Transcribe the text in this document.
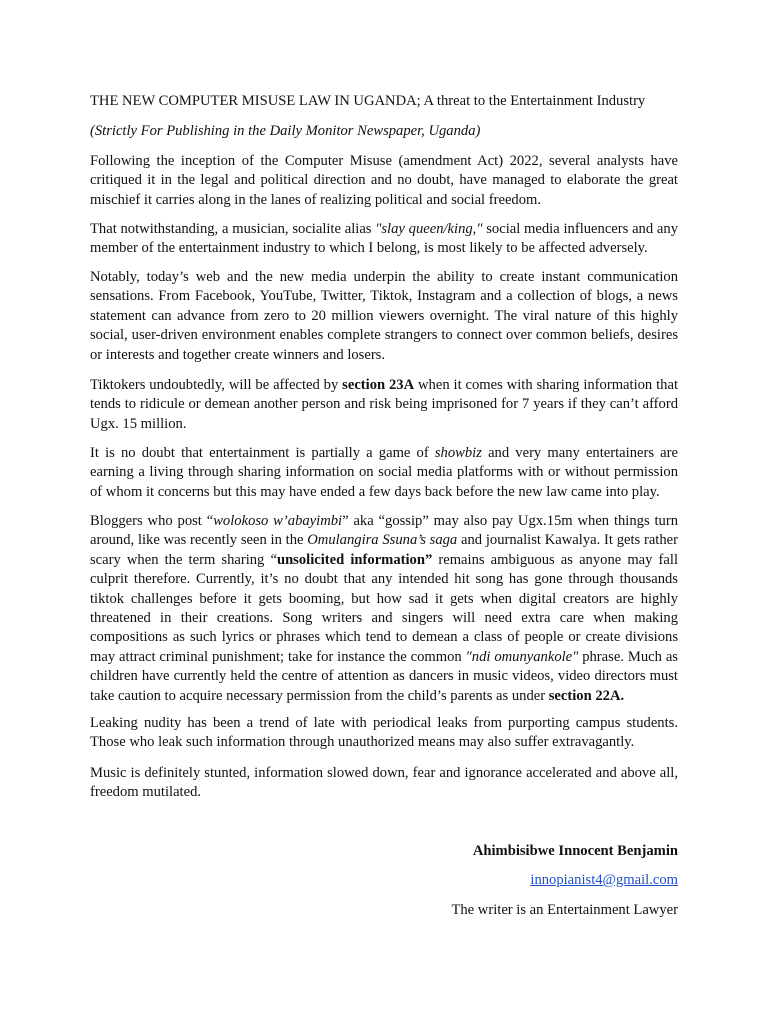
THE NEW COMPUTER MISUSE LAW IN UGANDA; A threat to the Entertainment Industry
(Strictly For Publishing in the Daily Monitor Newspaper, Uganda)

Following the inception of the Computer Misuse (amendment Act) 2022, several analysts have critiqued it in the legal and political direction and no doubt, have managed to elaborate the great mischief it carries along in the lanes of realizing political and social freedom.

That notwithstanding, a musician, socialite alias "slay queen/king," social media influencers and any member of the entertainment industry to which I belong, is most likely to be affected adversely.

Notably, today’s web and the new media underpin the ability to create instant communication sensations. From Facebook, YouTube, Twitter, Tiktok, Instagram and a collection of blogs, a news statement can advance from zero to 20 million viewers overnight. The viral nature of this highly social, user-driven environment enables complete strangers to connect over common beliefs, desires or interests and together create winners and losers.

Tiktokers undoubtedly, will be affected by section 23A when it comes with sharing information that tends to ridicule or demean another person and risk being imprisoned for 7 years if they can’t afford Ugx. 15 million.

It is no doubt that entertainment is partially a game of showbiz and very many entertainers are earning a living through sharing information on social media platforms with or without permission of whom it concerns but this may have ended a few days back before the new law came into play.

Bloggers who post “wolokoso w’abayimbi” aka “gossip” may also pay Ugx.15m when things turn around, like was recently seen in the Omulangira Ssuna’s saga and journalist Kawalya. It gets rather scary when the term sharing “unsolicited information” remains ambiguous as anyone may fall culprit therefore. Currently, it’s no doubt that any intended hit song has gone through thousands tiktok challenges before it gets booming, but how sad it gets when digital creators are highly threatened in their creations. Song writers and singers will need extra care when making compositions as such lyrics or phrases which tend to demean a class of people or create divisions may attract criminal punishment; take for instance the common "ndi omunyankole" phrase. Much as children have currently held the centre of attention as dancers in music videos, video directors must take caution to acquire necessary permission from the child’s parents as under section 22A.

Leaking nudity has been a trend of late with periodical leaks from purporting campus students. Those who leak such information through unauthorized means may also suffer extravagantly.

Music is definitely stunted, information slowed down, fear and ignorance accelerated and above all, freedom mutilated.

Ahimbisibwe Innocent Benjamin
innopianist4@gmail.com
The writer is an Entertainment Lawyer
